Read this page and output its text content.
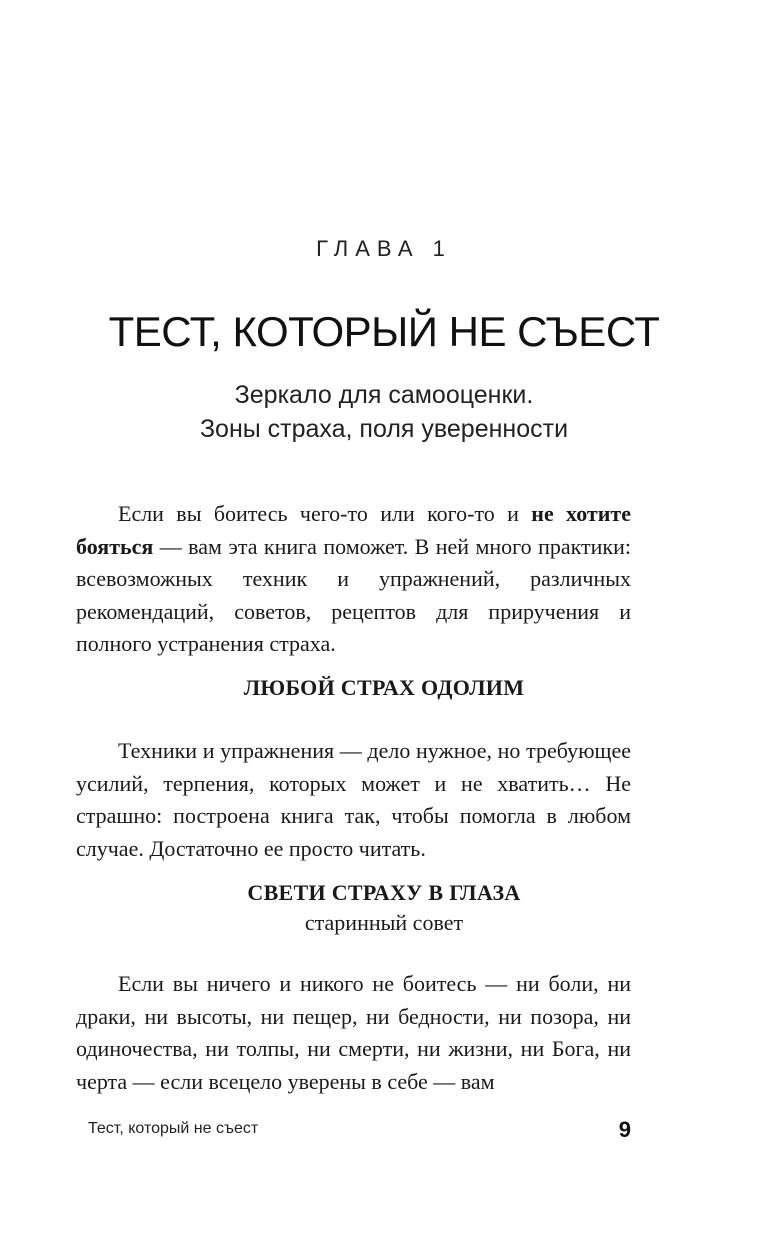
ГЛАВА 1
ТЕСТ, КОТОРЫЙ НЕ СЪЕСТ
Зеркало для самооценки.
Зоны страха, поля уверенности

Если вы боитесь чего-то или кого-то и не хотите бояться — вам эта книга поможет. В ней много практики: всевозможных техник и упражнений, различных рекомендаций, советов, рецептов для приручения и полного устранения страха.

ЛЮБОЙ СТРАХ ОДОЛИМ

Техники и упражнения — дело нужное, но требующее усилий, терпения, которых может и не хватить… Не страшно: построена книга так, чтобы помогла в любом случае. Достаточно ее просто читать.

СВЕТИ СТРАХУ В ГЛАЗА
старинный совет

Если вы ничего и никого не боитесь — ни боли, ни драки, ни высоты, ни пещер, ни бедности, ни позора, ни одиночества, ни толпы, ни смерти, ни жизни, ни Бога, ни черта — если всецело уверены в себе — вам

Тест, который не съест	9
